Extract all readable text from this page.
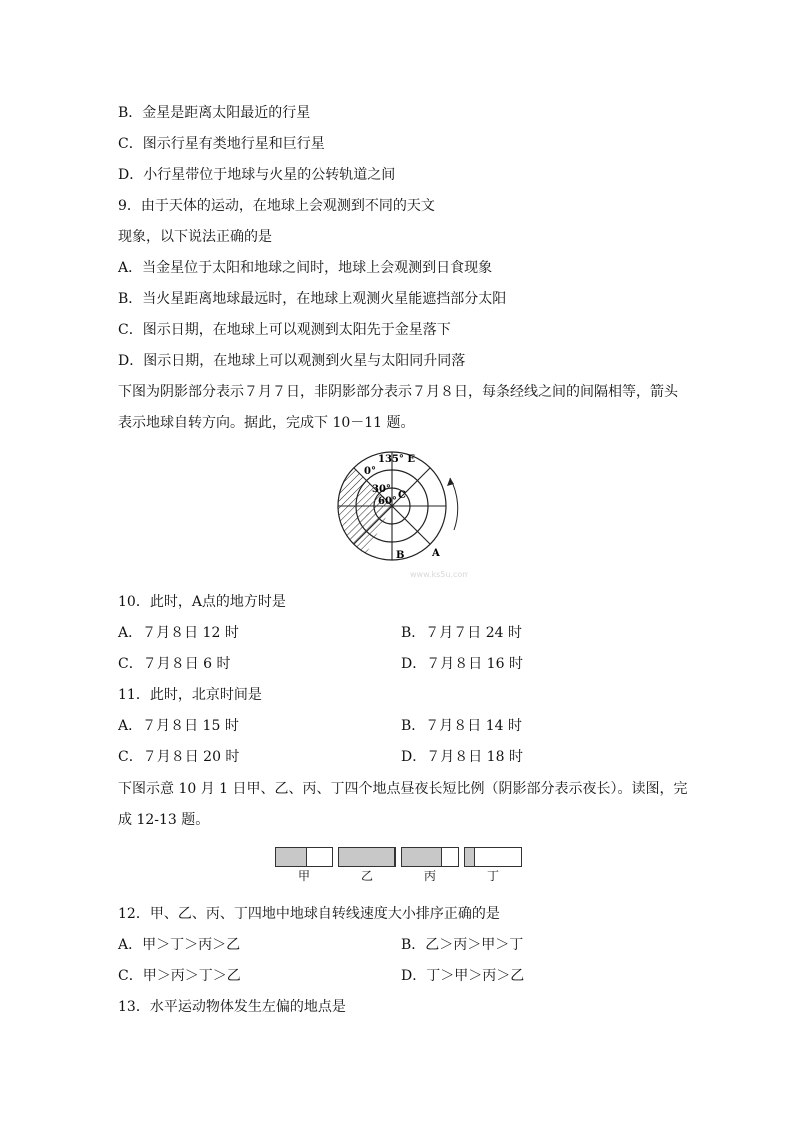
B．金星是距离太阳最近的行星
C．图示行星有类地行星和巨行星
D．小行星带位于地球与火星的公转轨道之间
9．由于天体的运动，在地球上会观测到不同的天文
现象，以下说法正确的是
A．当金星位于太阳和地球之间时，地球上会观测到日食现象
B．当火星距离地球最远时，在地球上观测火星能遮挡部分太阳
C．图示日期，在地球上可以观测到太阳先于金星落下
D．图示日期，在地球上可以观测到火星与太阳同升同落
下图为阴影部分表示７月７日，非阴影部分表示７月８日，每条经线之间的间隔相等，箭头
表示地球自转方向。据此，完成下 10－11 题。
135° E
0°
30°
60°
C
B	A
www.ks5u.com
10．此时，A点的地方时是
A．７月８日 12 时	B．７月７日 24 时
C．７月８日 6 时	D．７月８日 16 时
11．此时，北京时间是
A．７月８日 15 时	B．７月８日 14 时
C．７月８日 20 时	D．７月８日 18 时
下图示意 10 月 1 日甲、乙、丙、丁四个地点昼夜长短比例（阴影部分表示夜长）。读图，完
成 12-13 题。
甲	乙	丙	丁
12．甲、乙、丙、丁四地中地球自转线速度大小排序正确的是
A．甲＞丁＞丙＞乙	B．乙＞丙＞甲＞丁
C．甲＞丙＞丁＞乙	D．丁＞甲＞丙＞乙
13．水平运动物体发生左偏的地点是
